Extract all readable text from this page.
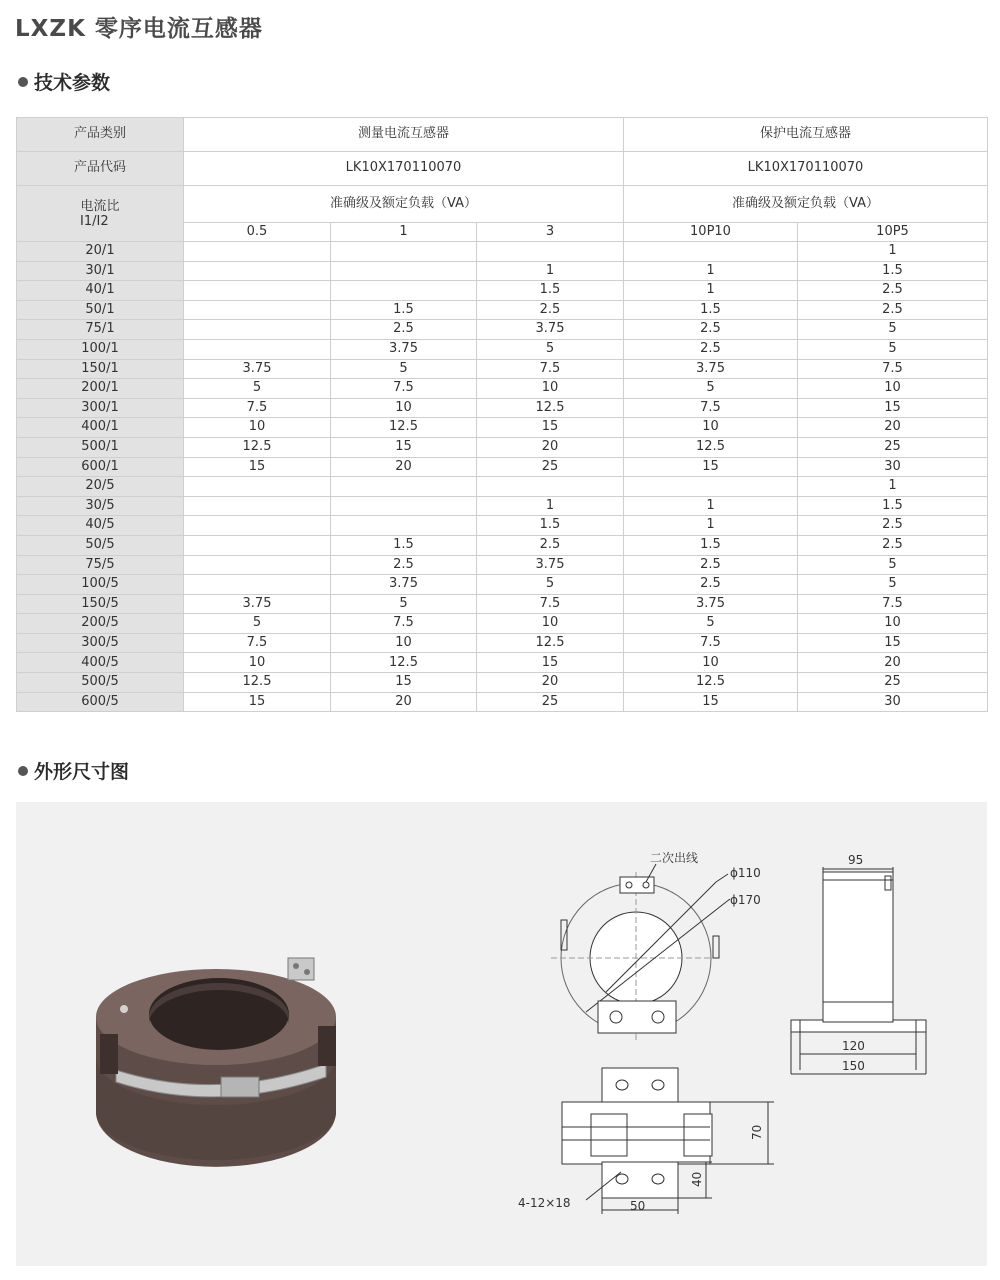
LXZK 零序电流互感器
技术参数
产品类别	测量电流互感器			保护电流互感器	
产品代码	LK10X170110070			LK10X170110070	

电流比
I1/I2	准确级及额定负载（VA）			准确级及额定负载（VA）	
	0.5	1	3	10P10	10P5
20/1					1
30/1			1	1	1.5
40/1			1.5	1	2.5
50/1		1.5	2.5	1.5	2.5
75/1		2.5	3.75	2.5	5
100/1		3.75	5	2.5	5
150/1	3.75	5	7.5	3.75	7.5
200/1	5	7.5	10	5	10
300/1	7.5	10	12.5	7.5	15
400/1	10	12.5	15	10	20
500/1	12.5	15	20	12.5	25
600/1	15	20	25	15	30
20/5					1
30/5			1	1	1.5
40/5			1.5	1	2.5
50/5		1.5	2.5	1.5	2.5
75/5		2.5	3.75	2.5	5
100/5		3.75	5	2.5	5
150/5	3.75	5	7.5	3.75	7.5
200/5	5	7.5	10	5	10
300/5	7.5	10	12.5	7.5	15
400/5	10	12.5	15	10	20
500/5	12.5	15	20	12.5	25
600/5	15	20	25	15	30
外形尺寸图
二次出线
ϕ110
ϕ170
95
120
150
70
40
50
4-12×18
